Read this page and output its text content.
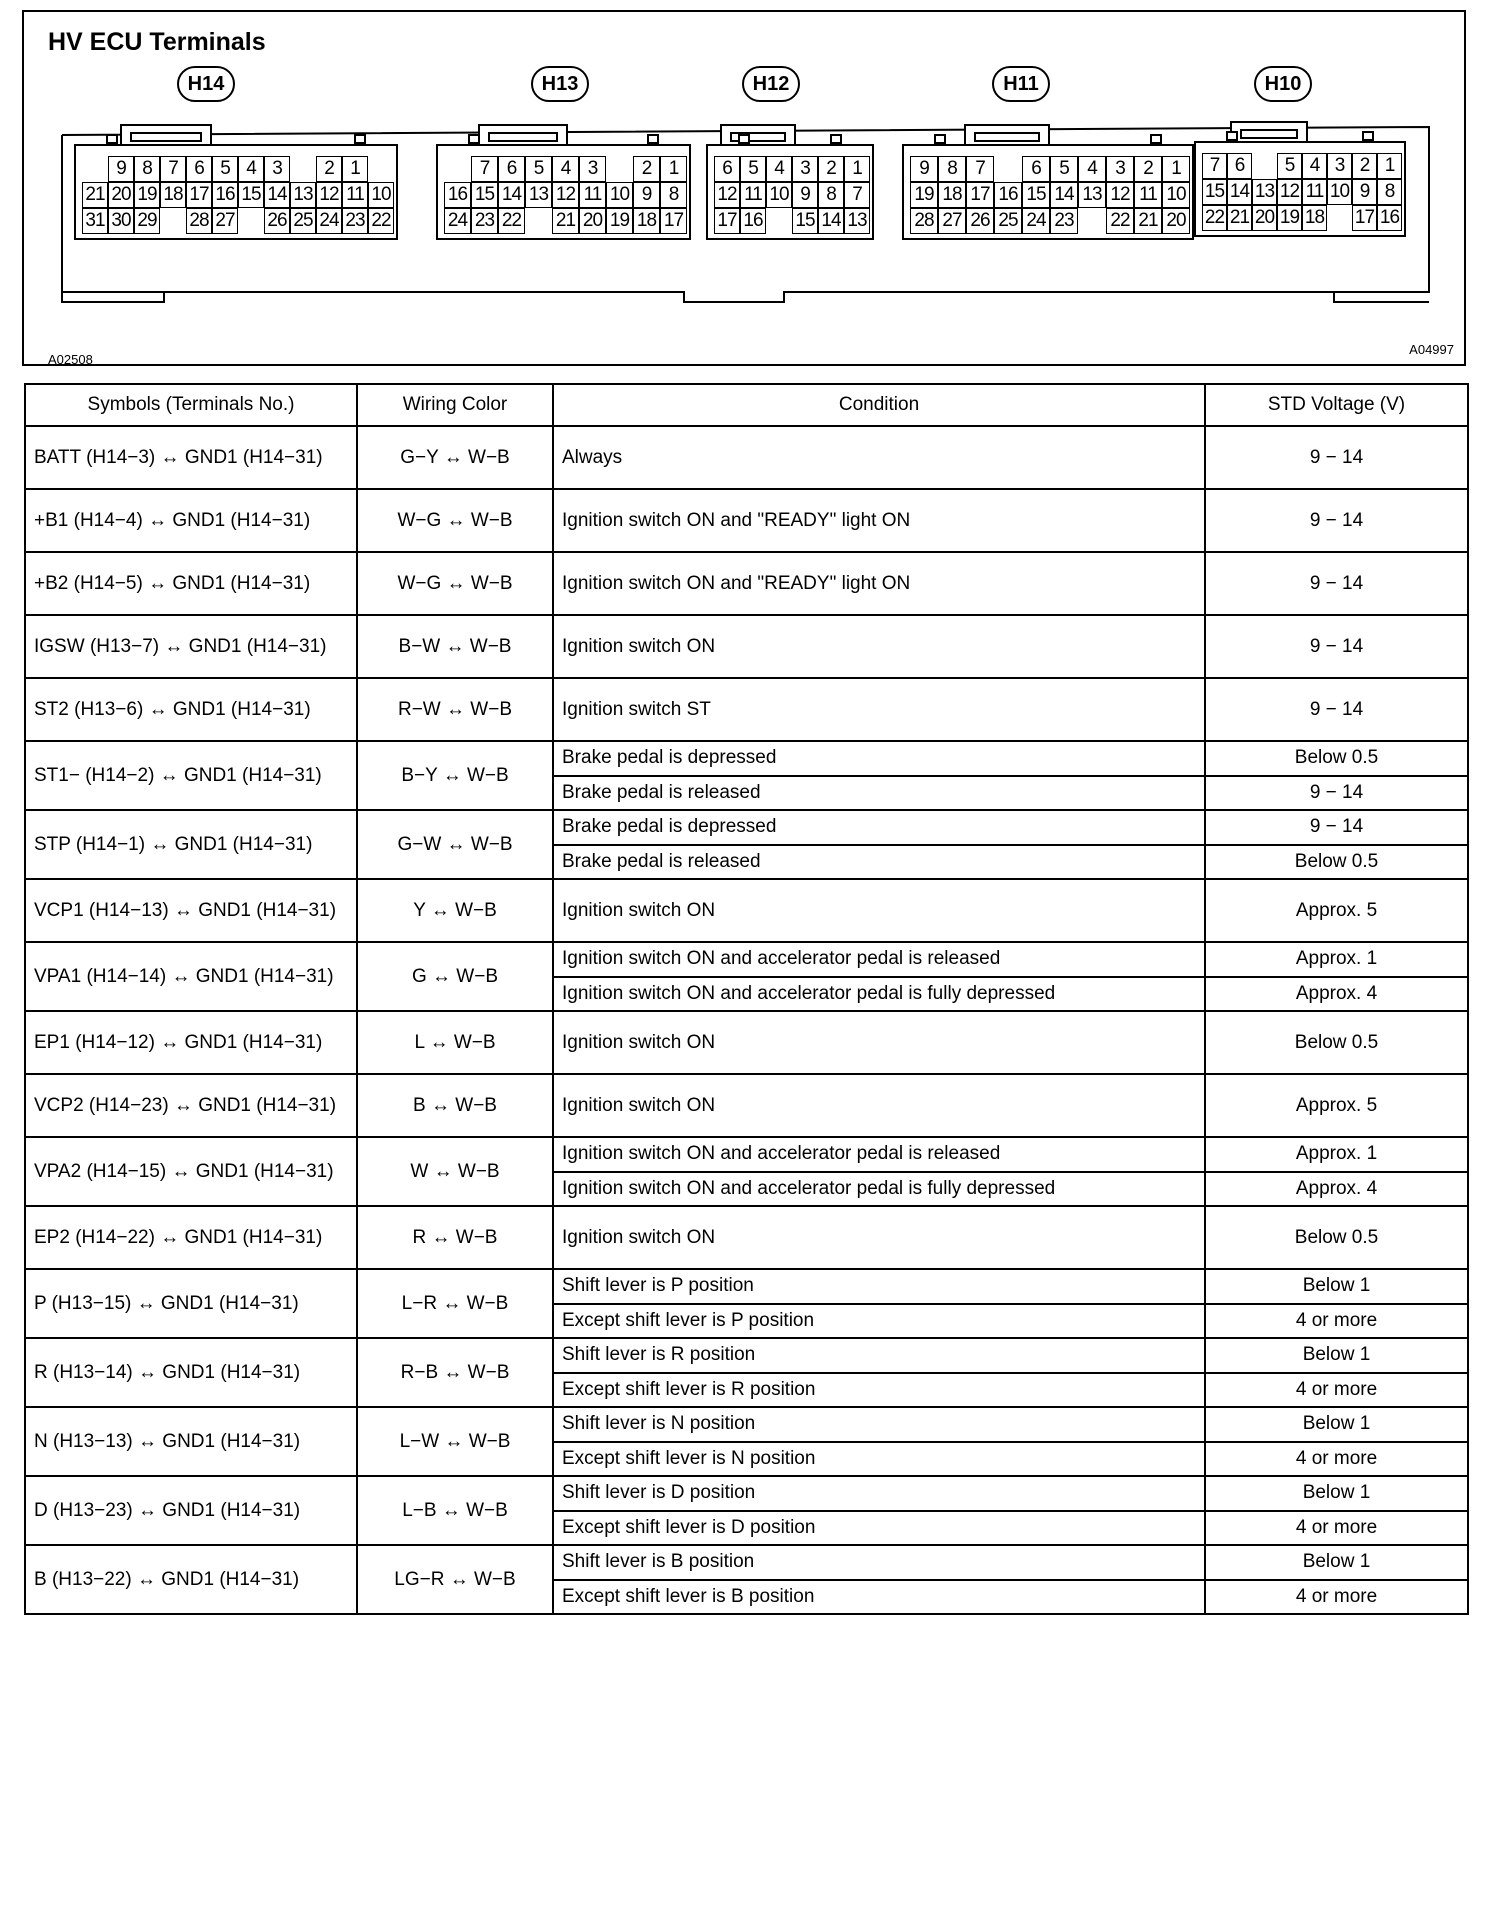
HV ECU Terminals
H14
9 8 7 6 5 4 3	2 1
21 20 19 18 17 16 15 14 13 12 11 10
31 30 29 28 27 26 25 24 23 22
H13
7 6 5 4 3	2 1
16 15 14 13 12 11 10 9 8
24 23 22 21 20 19 18 17
H12
6 5 4 3 2 1
12 11 10 9 8 7
17 16 15 14 13
H11
9 8 7	6 5 4 3 2 1
19 18 17 16 15 14 13 12 11 10
28 27 26 25 24 23 22 21 20
H10
7 6	5 4 3 2 1
15 14 13 12 11 10 9 8
22 21 20 19 18 17 16
A02508
A04997
Symbols (Terminals No.)	Wiring Color	Condition	STD Voltage (V)
BATT (H14−3) ↔ GND1 (H14−31)	G−Y ↔ W−B	Always	9 − 14
+B1 (H14−4) ↔ GND1 (H14−31)	W−G ↔ W−B	Ignition switch ON and "READY" light ON	9 − 14
+B2 (H14−5) ↔ GND1 (H14−31)	W−G ↔ W−B	Ignition switch ON and "READY" light ON	9 − 14
IGSW (H13−7) ↔ GND1 (H14−31)	B−W ↔ W−B	Ignition switch ON	9 − 14
ST2 (H13−6) ↔ GND1 (H14−31)	R−W ↔ W−B	Ignition switch ST	9 − 14
ST1− (H14−2) ↔ GND1 (H14−31)	B−Y ↔ W−B	Brake pedal is depressed	Below 0.5
		Brake pedal is released	9 − 14
STP (H14−1) ↔ GND1 (H14−31)	G−W ↔ W−B	Brake pedal is depressed	9 − 14
		Brake pedal is released	Below 0.5
VCP1 (H14−13) ↔ GND1 (H14−31)	Y ↔ W−B	Ignition switch ON	Approx. 5
VPA1 (H14−14) ↔ GND1 (H14−31)	G ↔ W−B	Ignition switch ON and accelerator pedal is released	Approx. 1
		Ignition switch ON and accelerator pedal is fully depressed	Approx. 4
EP1 (H14−12) ↔ GND1 (H14−31)	L ↔ W−B	Ignition switch ON	Below 0.5
VCP2 (H14−23) ↔ GND1 (H14−31)	B ↔ W−B	Ignition switch ON	Approx. 5
VPA2 (H14−15) ↔ GND1 (H14−31)	W ↔ W−B	Ignition switch ON and accelerator pedal is released	Approx. 1
		Ignition switch ON and accelerator pedal is fully depressed	Approx. 4
EP2 (H14−22) ↔ GND1 (H14−31)	R ↔ W−B	Ignition switch ON	Below 0.5
P (H13−15) ↔ GND1 (H14−31)	L−R ↔ W−B	Shift lever is P position	Below 1
		Except shift lever is P position	4 or more
R (H13−14) ↔ GND1 (H14−31)	R−B ↔ W−B	Shift lever is R position	Below 1
		Except shift lever is R position	4 or more
N (H13−13) ↔ GND1 (H14−31)	L−W ↔ W−B	Shift lever is N position	Below 1
		Except shift lever is N position	4 or more
D (H13−23) ↔ GND1 (H14−31)	L−B ↔ W−B	Shift lever is D position	Below 1
		Except shift lever is D position	4 or more
B (H13−22) ↔ GND1 (H14−31)	LG−R ↔ W−B	Shift lever is B position	Below 1
		Except shift lever is B position	4 or more
